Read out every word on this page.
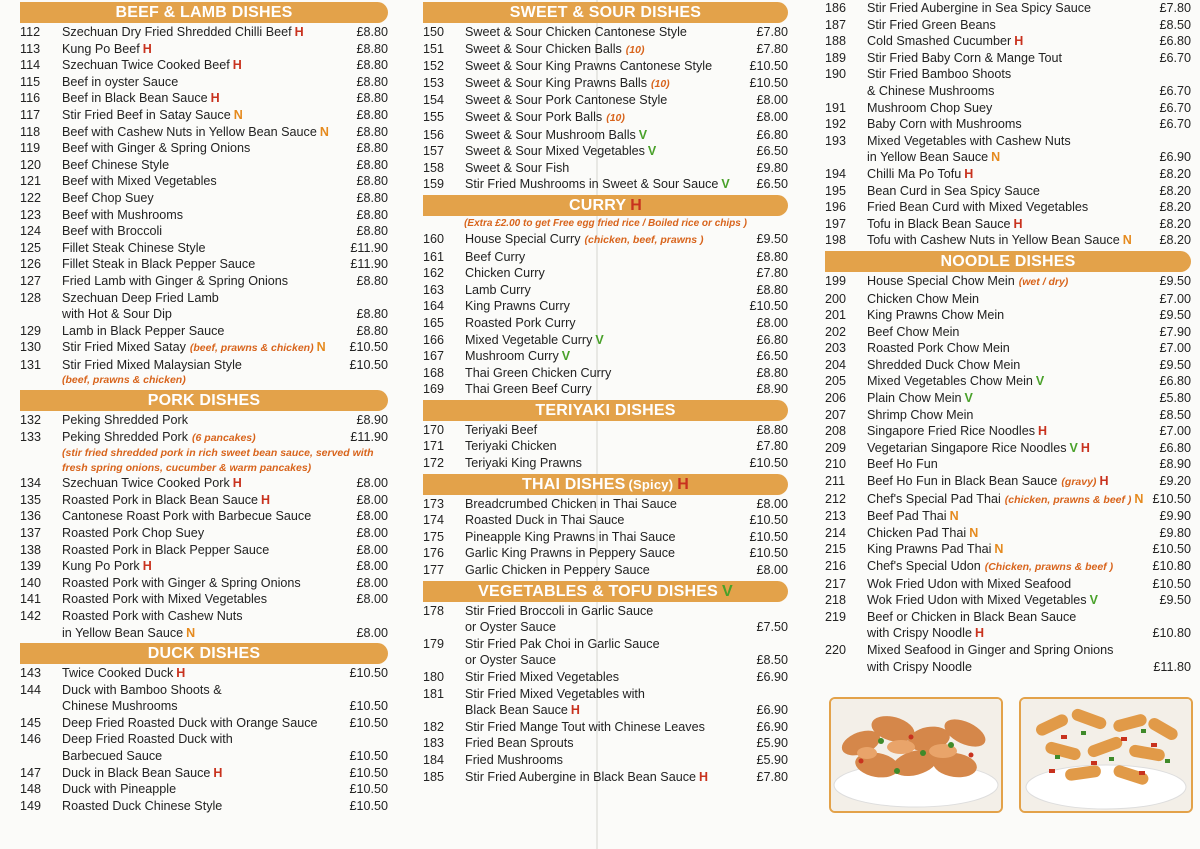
BEEF & LAMB DISHES
112	Szechuan Dry Fried Shredded Chilli Beef H	£8.80
113	Kung Po Beef H	£8.80
114	Szechuan Twice Cooked Beef H	£8.80
115	Beef in oyster Sauce	£8.80
116	Beef in Black Bean Sauce H	£8.80
117	Stir Fried Beef in Satay Sauce N	£8.80
118	Beef with Cashew Nuts in Yellow Bean Sauce N	£8.80
119	Beef with Ginger & Spring Onions	£8.80
120	Beef Chinese Style	£8.80
121	Beef with Mixed Vegetables	£8.80
122	Beef Chop Suey	£8.80
123	Beef with Mushrooms	£8.80
124	Beef with Broccoli	£8.80
125	Fillet Steak Chinese Style	£11.90
126	Fillet Steak in Black Pepper Sauce	£11.90
127	Fried Lamb with Ginger & Spring Onions	£8.80
128	Szechuan Deep Fried Lamb
with Hot & Sour Dip	£8.80
129	Lamb in Black Pepper Sauce	£8.80
130	Stir Fried Mixed Satay (beef, prawns & chicken) N	£10.50
131	Stir Fried Mixed Malaysian Style	£10.50
(beef, prawns & chicken)
PORK DISHES
132	Peking Shredded Pork	£8.90
133	Peking Shredded Pork (6 pancakes)	£11.90
(stir fried shredded pork in rich sweet bean sauce, served with fresh spring onions, cucumber & warm pancakes)
134	Szechuan Twice Cooked Pork H	£8.00
135	Roasted Pork in Black Bean Sauce H	£8.00
136	Cantonese Roast Pork with Barbecue Sauce	£8.00
137	Roasted Pork Chop Suey	£8.00
138	Roasted Pork in Black Pepper Sauce	£8.00
139	Kung Po Pork H	£8.00
140	Roasted Pork with Ginger & Spring Onions	£8.00
141	Roasted Pork with Mixed Vegetables	£8.00
142	Roasted Pork with Cashew Nuts
in Yellow Bean Sauce N	£8.00
DUCK DISHES
143	Twice Cooked Duck H	£10.50
144	Duck with Bamboo Shoots &
Chinese Mushrooms	£10.50
145	Deep Fried Roasted Duck with Orange Sauce	£10.50
146	Deep Fried Roasted Duck with
Barbecued Sauce	£10.50
147	Duck in Black Bean Sauce H	£10.50
148	Duck with Pineapple	£10.50
149	Roasted Duck Chinese Style	£10.50
SWEET & SOUR DISHES
150	Sweet & Sour Chicken Cantonese Style	£7.80
151	Sweet & Sour Chicken Balls (10)	£7.80
152	Sweet & Sour King Prawns Cantonese Style	£10.50
153	Sweet & Sour King Prawns Balls (10)	£10.50
154	Sweet & Sour Pork Cantonese Style	£8.00
155	Sweet & Sour Pork Balls (10)	£8.00
156	Sweet & Sour Mushroom Balls V	£6.80
157	Sweet & Sour Mixed Vegetables V	£6.50
158	Sweet & Sour Fish	£9.80
159	Stir Fried Mushrooms in Sweet & Sour Sauce V	£6.50
CURRY H
(Extra £2.00 to get Free egg fried rice / Boiled rice or chips )
160	House Special Curry (chicken, beef, prawns )	£9.50
161	Beef Curry	£8.80
162	Chicken Curry	£7.80
163	Lamb Curry	£8.80
164	King Prawns Curry	£10.50
165	Roasted Pork Curry	£8.00
166	Mixed Vegetable Curry V	£6.80
167	Mushroom Curry V	£6.50
168	Thai Green Chicken Curry	£8.80
169	Thai Green Beef Curry	£8.90
TERIYAKI DISHES
170	Teriyaki Beef	£8.80
171	Teriyaki Chicken	£7.80
172	Teriyaki King Prawns	£10.50
THAI DISHES (Spicy) H
173	Breadcrumbed Chicken in Thai Sauce	£8.00
174	Roasted Duck in Thai Sauce	£10.50
175	Pineapple King Prawns in Thai Sauce	£10.50
176	Garlic King Prawns in Peppery Sauce	£10.50
177	Garlic Chicken in Peppery Sauce	£8.00
VEGETABLES & TOFU DISHES V
178	Stir Fried Broccoli in Garlic Sauce
or Oyster Sauce	£7.50
179	Stir Fried Pak Choi in Garlic Sauce
or Oyster Sauce	£8.50
180	Stir Fried Mixed Vegetables	£6.90
181	Stir Fried Mixed Vegetables with
Black Bean Sauce H	£6.90
182	Stir Fried Mange Tout with Chinese Leaves	£6.90
183	Fried Bean Sprouts	£5.90
184	Fried Mushrooms	£5.90
185	Stir Fried Aubergine in Black Bean Sauce H	£7.80
186	Stir Fried Aubergine in Sea Spicy Sauce	£7.80
187	Stir Fried Green Beans	£8.50
188	Cold Smashed Cucumber H	£6.80
189	Stir Fried Baby Corn & Mange Tout	£6.70
190	Stir Fried Bamboo Shoots
& Chinese Mushrooms	£6.70
191	Mushroom Chop Suey	£6.70
192	Baby Corn with Mushrooms	£6.70
193	Mixed Vegetables with Cashew Nuts
in Yellow Bean Sauce N	£6.90
194	Chilli Ma Po Tofu H	£8.20
195	Bean Curd in Sea Spicy Sauce	£8.20
196	Fried Bean Curd with Mixed Vegetables	£8.20
197	Tofu in Black Bean Sauce H	£8.20
198	Tofu with Cashew Nuts in Yellow Bean Sauce N	£8.20
NOODLE DISHES
199	House Special Chow Mein (wet / dry)	£9.50
200	Chicken Chow Mein	£7.00
201	King Prawns Chow Mein	£9.50
202	Beef Chow Mein	£7.90
203	Roasted Pork Chow Mein	£7.00
204	Shredded Duck Chow Mein	£9.50
205	Mixed Vegetables Chow Mein V	£6.80
206	Plain Chow Mein V	£5.80
207	Shrimp Chow Mein	£8.50
208	Singapore Fried Rice Noodles H	£7.00
209	Vegetarian Singapore Rice Noodles V H	£6.80
210	Beef Ho Fun	£8.90
211	Beef Ho Fun in Black Bean Sauce (gravy) H	£9.20
212	Chef's Special Pad Thai (chicken, prawns & beef ) N £10.50
213	Beef Pad Thai N	£9.90
214	Chicken Pad Thai N	£9.80
215	King Prawns Pad Thai N	£10.50
216	Chef's Special Udon (Chicken, prawns & beef )	£10.80
217	Wok Fried Udon with Mixed Seafood	£10.50
218	Wok Fried Udon with Mixed Vegetables V	£9.50
219	Beef or Chicken in Black Bean Sauce
with Crispy Noodle H	£10.80
220	Mixed Seafood in Ginger and Spring Onions
with Crispy Noodle	£11.80
